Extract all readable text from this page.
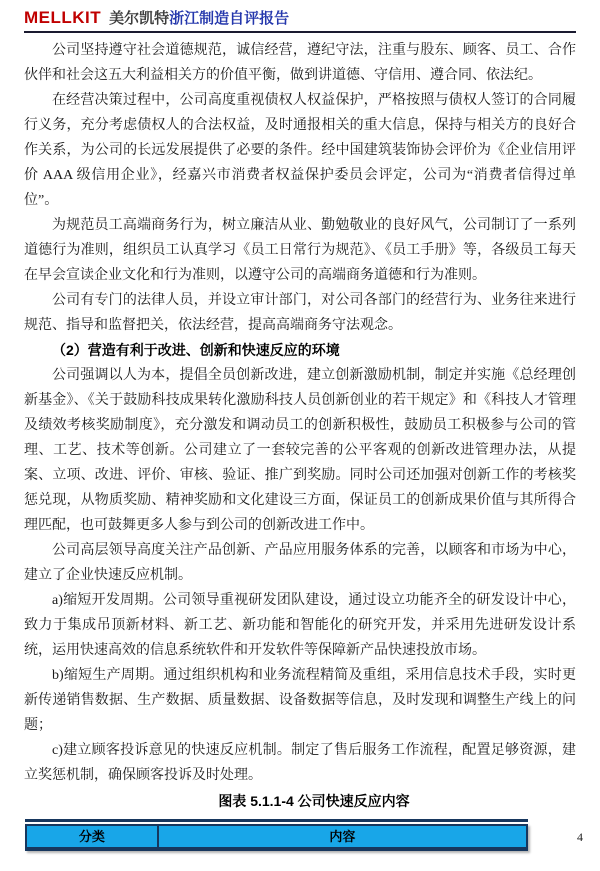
MELLKIT 美尔凯特浙江制造自评报告

公司坚持遵守社会道德规范，诚信经营，遵纪守法，注重与股东、顾客、员工、合作伙伴和社会这五大利益相关方的价值平衡，做到讲道德、守信用、遵合同、依法纪。

在经营决策过程中，公司高度重视债权人权益保护，严格按照与债权人签订的合同履行义务，充分考虑债权人的合法权益，及时通报相关的重大信息，保持与相关方的良好合作关系，为公司的长远发展提供了必要的条件。经中国建筑装饰协会评价为《企业信用评价 AAA 级信用企业》，经嘉兴市消费者权益保护委员会评定，公司为“消费者信得过单位”。

为规范员工高端商务行为，树立廉洁从业、勤勉敬业的良好风气，公司制订了一系列道德行为准则，组织员工认真学习《员工日常行为规范》、《员工手册》等，各级员工每天在早会宣读企业文化和行为准则，以遵守公司的高端商务道德和行为准则。

公司有专门的法律人员，并设立审计部门，对公司各部门的经营行为、业务往来进行规范、指导和监督把关，依法经营，提高高端商务守法观念。

（2）营造有利于改进、创新和快速反应的环境

公司强调以人为本，提倡全员创新改进，建立创新激励机制，制定并实施《总经理创新基金》、《关于鼓励科技成果转化激励科技人员创新创业的若干规定》和《科技人才管理及绩效考核奖励制度》，充分激发和调动员工的创新积极性，鼓励员工积极参与公司的管理、工艺、技术等创新。公司建立了一套较完善的公平客观的创新改进管理办法，从提案、立项、改进、评价、审核、验证、推广到奖励。同时公司还加强对创新工作的考核奖惩兑现，从物质奖励、精神奖励和文化建设三方面，保证员工的创新成果价值与其所得合理匹配，也可鼓舞更多人参与到公司的创新改进工作中。

公司高层领导高度关注产品创新、产品应用服务体系的完善，以顾客和市场为中心，建立了企业快速反应机制。

a)缩短开发周期。公司领导重视研发团队建设，通过设立功能齐全的研发设计中心，致力于集成吊顶新材料、新工艺、新功能和智能化的研究开发，并采用先进研发设计系统，运用快速高效的信息系统软件和开发软件等保障新产品快速投放市场。

b)缩短生产周期。通过组织机构和业务流程精简及重组，采用信息技术手段，实时更新传递销售数据、生产数据、质量数据、设备数据等信息，及时发现和调整生产线上的问题；

c)建立顾客投诉意见的快速反应机制。制定了售后服务工作流程，配置足够资源，建立奖惩机制，确保顾客投诉及时处理。

图表 5.1.1-4 公司快速反应内容

分类	内容	4
